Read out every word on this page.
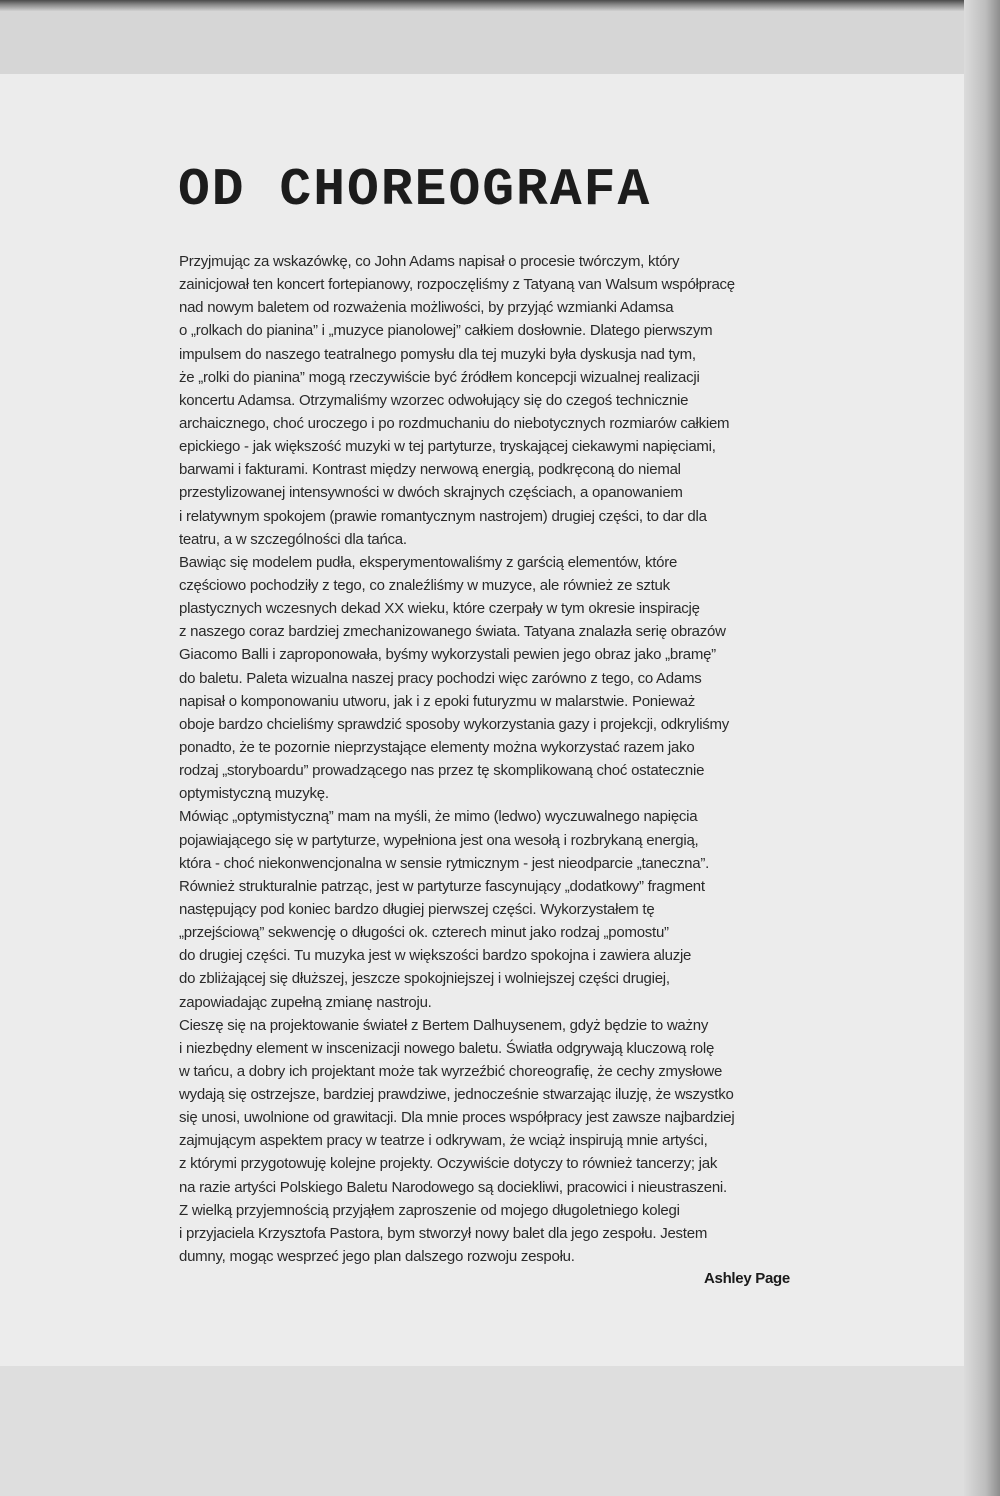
OD CHOREOGRAFA
Przyjmując za wskazówkę, co John Adams napisał o procesie twórczym, który
zainicjował ten koncert fortepianowy, rozpoczęliśmy z Tatyaną van Walsum współpracę
nad nowym baletem od rozważenia możliwości, by przyjąć wzmianki Adamsa
o „rolkach do pianina” i „muzyce pianolowej” całkiem dosłownie. Dlatego pierwszym
impulsem do naszego teatralnego pomysłu dla tej muzyki była dyskusja nad tym,
że „rolki do pianina” mogą rzeczywiście być źródłem koncepcji wizualnej realizacji
koncertu Adamsa. Otrzymaliśmy wzorzec odwołujący się do czegoś technicznie
archaicznego, choć uroczego i po rozdmuchaniu do niebotycznych rozmiarów całkiem
epickiego - jak większość muzyki w tej partyturze, tryskającej ciekawymi napięciami,
barwami i fakturami. Kontrast między nerwową energią, podkręconą do niemal
przestylizowanej intensywności w dwóch skrajnych częściach, a opanowaniem
i relatywnym spokojem (prawie romantycznym nastrojem) drugiej części, to dar dla
teatru, a w szczególności dla tańca.
Bawiąc się modelem pudła, eksperymentowaliśmy z garścią elementów, które
częściowo pochodziły z tego, co znaleźliśmy w muzyce, ale również ze sztuk
plastycznych wczesnych dekad XX wieku, które czerpały w tym okresie inspirację
z naszego coraz bardziej zmechanizowanego świata. Tatyana znalazła serię obrazów
Giacomo Balli i zaproponowała, byśmy wykorzystali pewien jego obraz jako „bramę”
do baletu. Paleta wizualna naszej pracy pochodzi więc zarówno z tego, co Adams
napisał o komponowaniu utworu, jak i z epoki futuryzmu w malarstwie. Ponieważ
oboje bardzo chcieliśmy sprawdzić sposoby wykorzystania gazy i projekcji, odkryliśmy
ponadto, że te pozornie nieprzystające elementy można wykorzystać razem jako
rodzaj „storyboardu” prowadzącego nas przez tę skomplikowaną choć ostatecznie
optymistyczną muzykę.
Mówiąc „optymistyczną” mam na myśli, że mimo (ledwo) wyczuwalnego napięcia
pojawiającego się w partyturze, wypełniona jest ona wesołą i rozbrykaną energią,
która - choć niekonwencjonalna w sensie rytmicznym - jest nieodparcie „taneczna”.
Również strukturalnie patrząc, jest w partyturze fascynujący „dodatkowy” fragment
następujący pod koniec bardzo długiej pierwszej części. Wykorzystałem tę
„przejściową” sekwencję o długości ok. czterech minut jako rodzaj „pomostu”
do drugiej części. Tu muzyka jest w większości bardzo spokojna i zawiera aluzje
do zbliżającej się dłuższej, jeszcze spokojniejszej i wolniejszej części drugiej,
zapowiadając zupełną zmianę nastroju.
Cieszę się na projektowanie świateł z Bertem Dalhuysenem, gdyż będzie to ważny
i niezbędny element w inscenizacji nowego baletu. Światła odgrywają kluczową rolę
w tańcu, a dobry ich projektant może tak wyrzeźbić choreografię, że cechy zmysłowe
wydają się ostrzejsze, bardziej prawdziwe, jednocześnie stwarzając iluzję, że wszystko
się unosi, uwolnione od grawitacji. Dla mnie proces współpracy jest zawsze najbardziej
zajmującym aspektem pracy w teatrze i odkrywam, że wciąż inspirują mnie artyści,
z którymi przygotowuję kolejne projekty. Oczywiście dotyczy to również tancerzy; jak
na razie artyści Polskiego Baletu Narodowego są dociekliwi, pracowici i nieustraszeni.
Z wielką przyjemnością przyjąłem zaproszenie od mojego długoletniego kolegi
i przyjaciela Krzysztofa Pastora, bym stworzył nowy balet dla jego zespołu. Jestem
dumny, mogąc wesprzeć jego plan dalszego rozwoju zespołu.
Ashley Page
